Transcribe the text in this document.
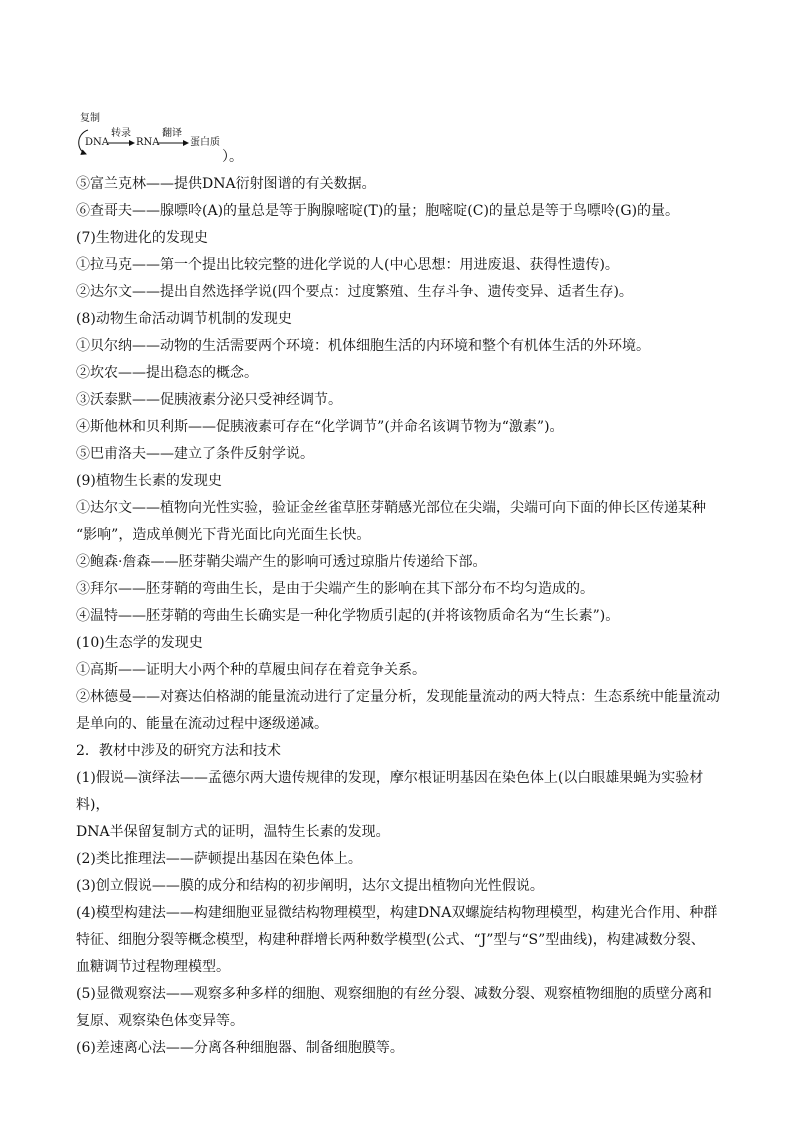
复制
DNA
转录
RNA
翻译
蛋白质
）。

⑤富兰克林——提供DNA衍射图谱的有关数据。

⑥查哥夫——腺嘌呤(A)的量总是等于胸腺嘧啶(T)的量；胞嘧啶(C)的量总是等于鸟嘌呤(G)的量。

(7)生物进化的发现史

①拉马克——第一个提出比较完整的进化学说的人(中心思想：用进废退、获得性遗传)。

②达尔文——提出自然选择学说(四个要点：过度繁殖、生存斗争、遗传变异、适者生存)。

(8)动物生命活动调节机制的发现史

①贝尔纳——动物的生活需要两个环境：机体细胞生活的内环境和整个有机体生活的外环境。

②坎农——提出稳态的概念。

③沃泰默——促胰液素分泌只受神经调节。

④斯他林和贝利斯——促胰液素可存在“化学调节”(并命名该调节物为“激素”)。

⑤巴甫洛夫——建立了条件反射学说。

(9)植物生长素的发现史

①达尔文——植物向光性实验，验证金丝雀草胚芽鞘感光部位在尖端，尖端可向下面的伸长区传递某种

“影响”，造成单侧光下背光面比向光面生长快。

②鲍森·詹森——胚芽鞘尖端产生的影响可透过琼脂片传递给下部。

③拜尔——胚芽鞘的弯曲生长，是由于尖端产生的影响在其下部分布不均匀造成的。

④温特——胚芽鞘的弯曲生长确实是一种化学物质引起的(并将该物质命名为“生长素”)。

(10)生态学的发现史

①高斯——证明大小两个种的草履虫间存在着竞争关系。

②林德曼——对赛达伯格湖的能量流动进行了定量分析，发现能量流动的两大特点：生态系统中能量流动

是单向的、能量在流动过程中逐级递减。

2．教材中涉及的研究方法和技术

(1)假说—演绎法——孟德尔两大遗传规律的发现，摩尔根证明基因在染色体上(以白眼雄果蝇为实验材料)，

DNA半保留复制方式的证明，温特生长素的发现。

(2)类比推理法——萨顿提出基因在染色体上。

(3)创立假说——膜的成分和结构的初步阐明，达尔文提出植物向光性假说。

(4)模型构建法——构建细胞亚显微结构物理模型，构建DNA双螺旋结构物理模型，构建光合作用、种群

特征、细胞分裂等概念模型，构建种群增长两种数学模型(公式、“J”型与“S”型曲线)，构建减数分裂、

血糖调节过程物理模型。

(5)显微观察法——观察多种多样的细胞、观察细胞的有丝分裂、减数分裂、观察植物细胞的质壁分离和

复原、观察染色体变异等。

(6)差速离心法——分离各种细胞器、制备细胞膜等。
